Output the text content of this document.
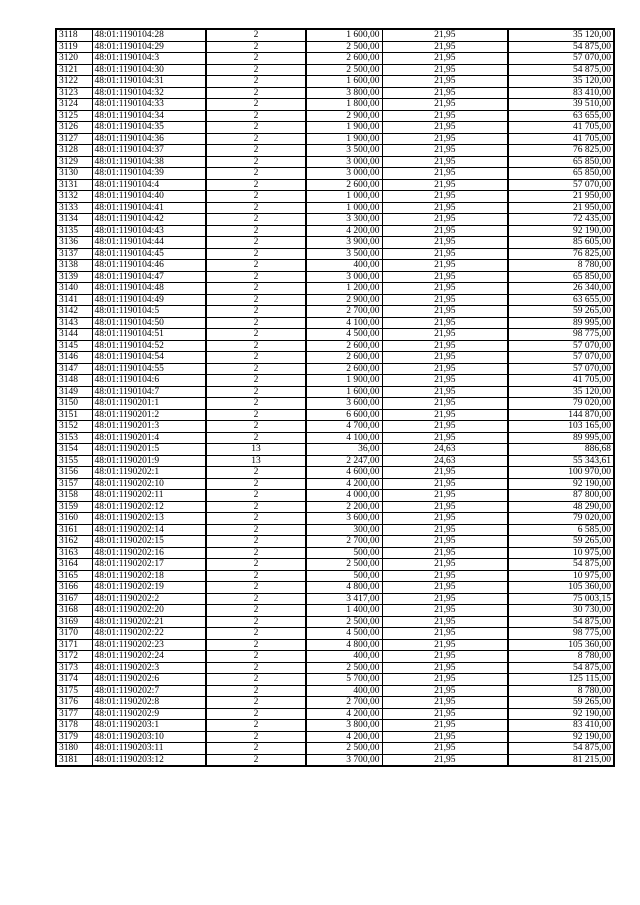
3118	48:01:1190104:28	2	1 600,00	21,95	35 120,00
3119	48:01:1190104:29	2	2 500,00	21,95	54 875,00
3120	48:01:1190104:3	2	2 600,00	21,95	57 070,00
3121	48:01:1190104:30	2	2 500,00	21,95	54 875,00
3122	48:01:1190104:31	2	1 600,00	21,95	35 120,00
3123	48:01:1190104:32	2	3 800,00	21,95	83 410,00
3124	48:01:1190104:33	2	1 800,00	21,95	39 510,00
3125	48:01:1190104:34	2	2 900,00	21,95	63 655,00
3126	48:01:1190104:35	2	1 900,00	21,95	41 705,00
3127	48:01:1190104:36	2	1 900,00	21,95	41 705,00
3128	48:01:1190104:37	2	3 500,00	21,95	76 825,00
3129	48:01:1190104:38	2	3 000,00	21,95	65 850,00
3130	48:01:1190104:39	2	3 000,00	21,95	65 850,00
3131	48:01:1190104:4	2	2 600,00	21,95	57 070,00
3132	48:01:1190104:40	2	1 000,00	21,95	21 950,00
3133	48:01:1190104:41	2	1 000,00	21,95	21 950,00
3134	48:01:1190104:42	2	3 300,00	21,95	72 435,00
3135	48:01:1190104:43	2	4 200,00	21,95	92 190,00
3136	48:01:1190104:44	2	3 900,00	21,95	85 605,00
3137	48:01:1190104:45	2	3 500,00	21,95	76 825,00
3138	48:01:1190104:46	2	400,00	21,95	8 780,00
3139	48:01:1190104:47	2	3 000,00	21,95	65 850,00
3140	48:01:1190104:48	2	1 200,00	21,95	26 340,00
3141	48:01:1190104:49	2	2 900,00	21,95	63 655,00
3142	48:01:1190104:5	2	2 700,00	21,95	59 265,00
3143	48:01:1190104:50	2	4 100,00	21,95	89 995,00
3144	48:01:1190104:51	2	4 500,00	21,95	98 775,00
3145	48:01:1190104:52	2	2 600,00	21,95	57 070,00
3146	48:01:1190104:54	2	2 600,00	21,95	57 070,00
3147	48:01:1190104:55	2	2 600,00	21,95	57 070,00
3148	48:01:1190104:6	2	1 900,00	21,95	41 705,00
3149	48:01:1190104:7	2	1 600,00	21,95	35 120,00
3150	48:01:1190201:1	2	3 600,00	21,95	79 020,00
3151	48:01:1190201:2	2	6 600,00	21,95	144 870,00
3152	48:01:1190201:3	2	4 700,00	21,95	103 165,00
3153	48:01:1190201:4	2	4 100,00	21,95	89 995,00
3154	48:01:1190201:5	13	36,00	24,63	886,68
3155	48:01:1190201:9	13	2 247,00	24,63	55 343,61
3156	48:01:1190202:1	2	4 600,00	21,95	100 970,00
3157	48:01:1190202:10	2	4 200,00	21,95	92 190,00
3158	48:01:1190202:11	2	4 000,00	21,95	87 800,00
3159	48:01:1190202:12	2	2 200,00	21,95	48 290,00
3160	48:01:1190202:13	2	3 600,00	21,95	79 020,00
3161	48:01:1190202:14	2	300,00	21,95	6 585,00
3162	48:01:1190202:15	2	2 700,00	21,95	59 265,00
3163	48:01:1190202:16	2	500,00	21,95	10 975,00
3164	48:01:1190202:17	2	2 500,00	21,95	54 875,00
3165	48:01:1190202:18	2	500,00	21,95	10 975,00
3166	48:01:1190202:19	2	4 800,00	21,95	105 360,00
3167	48:01:1190202:2	2	3 417,00	21,95	75 003,15
3168	48:01:1190202:20	2	1 400,00	21,95	30 730,00
3169	48:01:1190202:21	2	2 500,00	21,95	54 875,00
3170	48:01:1190202:22	2	4 500,00	21,95	98 775,00
3171	48:01:1190202:23	2	4 800,00	21,95	105 360,00
3172	48:01:1190202:24	2	400,00	21,95	8 780,00
3173	48:01:1190202:3	2	2 500,00	21,95	54 875,00
3174	48:01:1190202:6	2	5 700,00	21,95	125 115,00
3175	48:01:1190202:7	2	400,00	21,95	8 780,00
3176	48:01:1190202:8	2	2 700,00	21,95	59 265,00
3177	48:01:1190202:9	2	4 200,00	21,95	92 190,00
3178	48:01:1190203:1	2	3 800,00	21,95	83 410,00
3179	48:01:1190203:10	2	4 200,00	21,95	92 190,00
3180	48:01:1190203:11	2	2 500,00	21,95	54 875,00
3181	48:01:1190203:12	2	3 700,00	21,95	81 215,00
